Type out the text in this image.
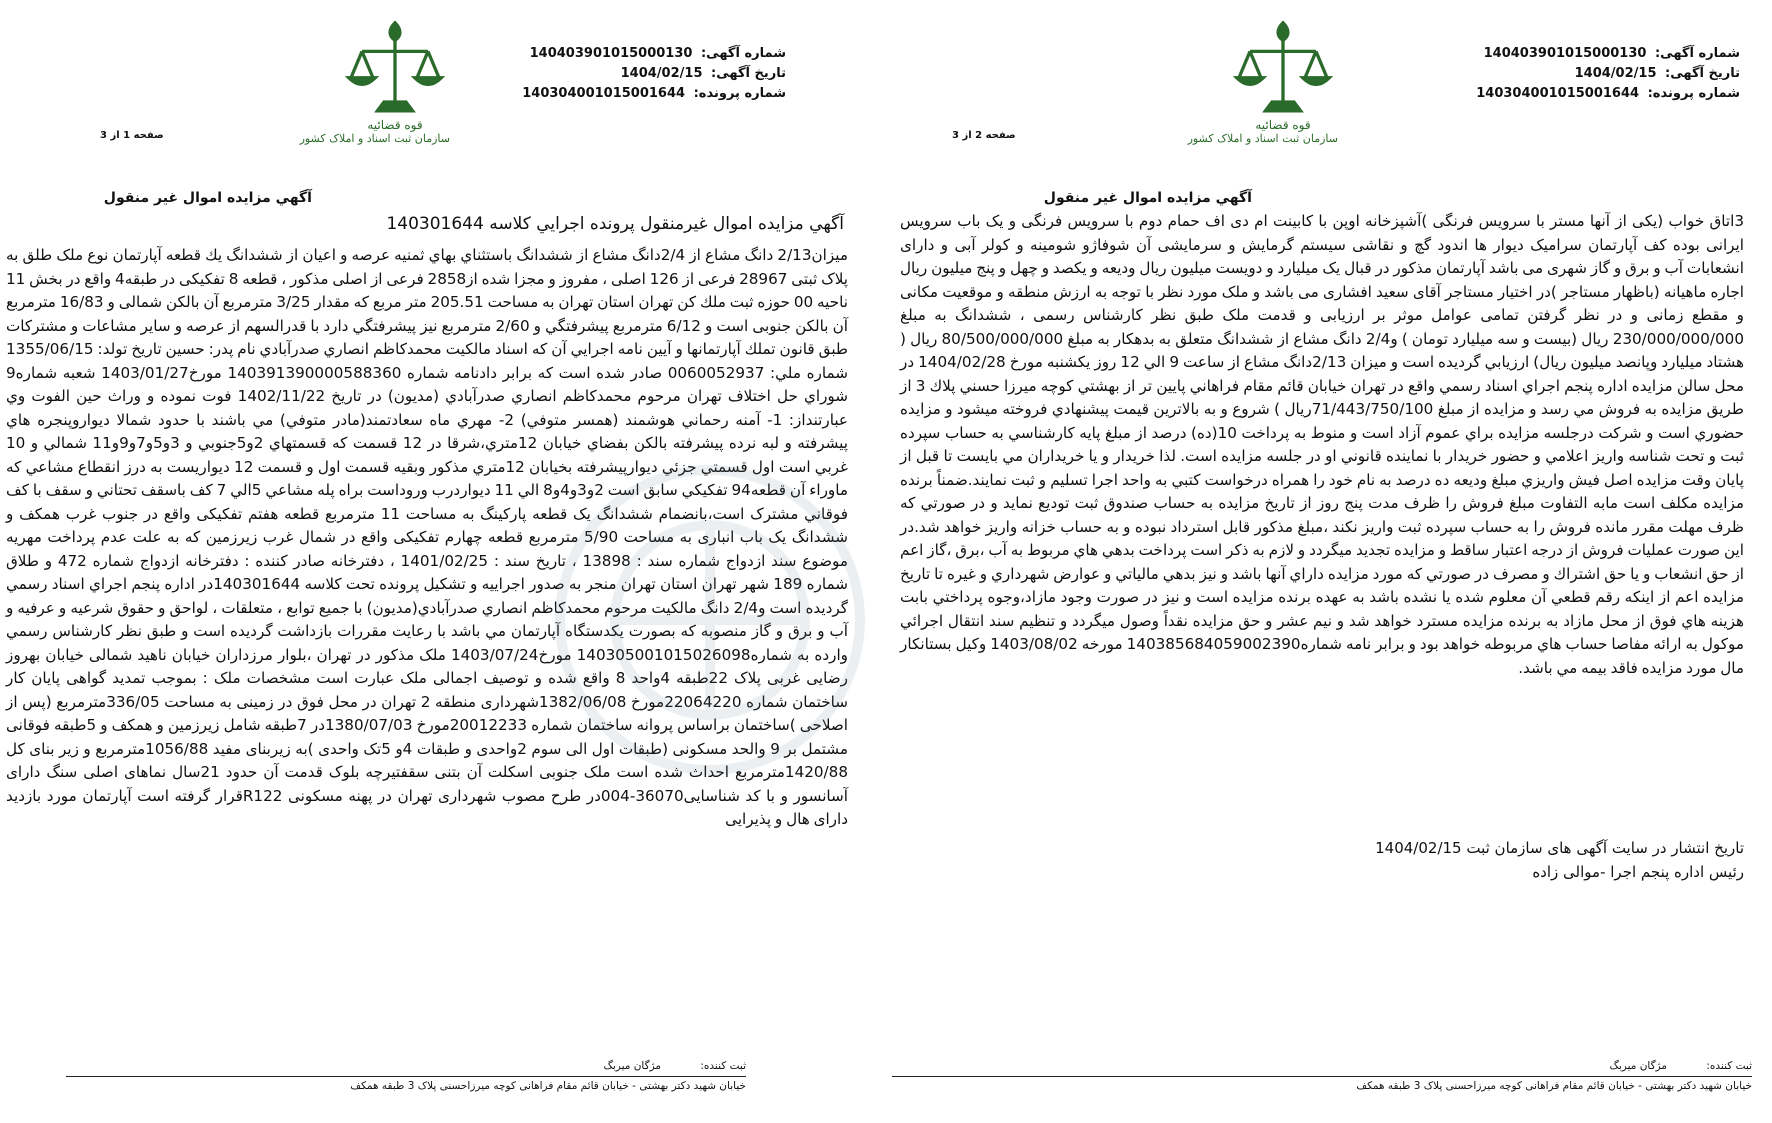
شماره آگهی: 140403901015000130
تاریخ آگهی: 1404/02/15
شماره پرونده: 140304001015001644
قوه قضائیه
سازمان ثبت اسناد و املاک کشور
صفحه 1 از 3
آگهي مزايده اموال غير منقول
آگهي مزايده اموال غيرمنقول پرونده اجرايي كلاسه 140301644
ميزان2/13 دانگ مشاع از 2/4دانگ مشاع از ششدانگ باستثناي بهاي ثمنيه عرصه و اعيان از ششدانگ يك قطعه آپارتمان نوع ملک طلق به پلاک ثبتی 28967 فرعی از 126 اصلی ، مفروز و مجزا شده از2858 فرعی از اصلی مذکور ، قطعه 8 تفکیکی در طبقه4 واقع در بخش 11 ناحیه 00 حوزه ثبت ملك كن تهران استان تهران به مساحت 205.51 متر مربع كه مقدار 3/25 مترمربع آن بالکن شمالی و 16/83 مترمربع آن بالکن جنوبی است و 6/12 مترمربع پيشرفتگي و 2/60 مترمربع نيز پيشرفتگي دارد با قدرالسهم از عرصه و ساير مشاعات و مشتركات طبق قانون تملك آپارتمانها و آيين نامه اجرايي آن كه اسناد مالكيت محمدكاظم انصاري صدرآبادي نام پدر: حسين تاريخ تولد: 1355/06/15 شماره ملي: 0060052937 صادر شده است كه برابر دادنامه شماره 140391390000588360 مورخ1403/01/27 شعبه شماره9 شوراي حل اختلاف تهران مرحوم محمدكاظم انصاري صدرآبادي (مديون) در تاريخ 1402/11/22 فوت نموده و وراث حين الفوت وي عبارتنداز: 1- آمنه رحماني هوشمند (همسر متوفي) 2- مهري ماه سعادتمند(مادر متوفي) مي باشند با حدود شمالا ديواروپنجره هاي پيشرفته و لبه نرده پيشرفته بالكن بفضاي خيابان 12متري،شرقا در 12 قسمت كه قسمتهاي 2و5جنوبي و 3و5و7و9و11 شمالي و 10 غربي است اول قسمتي جزئي ديوارپيشرفته بخيابان 12متري مذكور وبقيه قسمت اول و قسمت 12 ديواريست به درز انقطاع مشاعي كه ماوراء آن قطعه94 تفكيكي سابق است 2و3و4و8 الي 11 ديواردرب وروداست براه پله مشاعي 5الي 7 كف باسقف تحتاني و سقف با كف فوقاني مشترک است،بانضمام ششدانگ یک قطعه پارکینگ به مساحت 11 مترمربع قطعه هفتم تفکیکی واقع در جنوب غرب همکف و ششدانگ یک باب انباری به مساحت 5/90 مترمربع قطعه چهارم تفکیکی واقع در شمال غرب زیرزمین که به علت عدم پرداخت مهريه موضوع سند ازدواج شماره سند : 13898 ، تاريخ سند : 1401/02/25 ، دفترخانه صادر كننده : دفترخانه ازدواج شماره 472 و طلاق شماره 189 شهر تهران استان تهران منجر به صدور اجراييه و تشكيل پرونده تحت كلاسه 140301644در اداره پنجم اجراي اسناد رسمي گرديده است و2/4 دانگ مالكيت مرحوم محمدكاظم انصاري صدرآبادي(مديون) با جميع توابع ، متعلقات ، لواحق و حقوق شرعيه و عرفيه و آب و برق و گاز منصوبه كه بصورت يكدستگاه آپارتمان مي باشد با رعايت مقررات بازداشت گرديده است و طبق نظر كارشناس رسمي وارده به شماره140305001015026098 مورخ1403/07/24 ملک مذکور در تهران ،بلوار مرزداران خیابان ناهید شمالی خیابان بهروز رضایی غربی پلاک 22طبقه 4واحد 8 واقع شده و توصیف اجمالی ملک عبارت است مشخصات ملک : بموجب تمدید گواهی پایان کار ساختمان شماره 22064220مورخ 1382/06/08شهرداری منطقه 2 تهران در محل فوق در زمینی به مساحت 336/05مترمربع (پس از اصلاحی )ساختمان براساس پروانه ساختمان شماره 20012233مورخ 1380/07/03در 7طبقه شامل زیرزمین و همکف و 5طبقه فوقانی مشتمل بر 9 والحد مسکونی (طبقات اول الی سوم 2واحدی و طبقات 4و 5تک واحدی )به زیربنای مفید 1056/88مترمربع و زیر بنای کل 1420/88مترمربع احداث شده است ملک جنوبی اسکلت آن بتنی سقفتیرچه بلوک قدمت آن حدود 21سال نماهای اصلی سنگ دارای آسانسور و با کد شناسایی36070-004در طرح مصوب شهرداری تهران در پهنه مسکونی R122قرار گرفته است آپارتمان مورد بازدید دارای هال و پذیرایی
ثبت كننده: مژگان میربگ
خیابان شهید دکتر بهشتی - خیابان قائم مقام فراهانی کوچه میرزاحسنی پلاک 3 طبقه همکف
شماره آگهی: 140403901015000130
تاریخ آگهی: 1404/02/15
شماره پرونده: 140304001015001644
قوه قضائیه
سازمان ثبت اسناد و املاک کشور
صفحه 2 از 3
آگهي مزايده اموال غير منقول
3اتاق خواب (یکی از آنها مستر با سرویس فرنگی )آشپزخانه اوپن با کابینت ام دی اف حمام دوم با سرویس فرنگی و یک باب سرویس ایرانی بوده کف آپارتمان سرامیک دیوار ها اندود گچ و نقاشی سیستم گرمایش و سرمایشی آن شوفاژو شومینه و کولر آبی و دارای انشعابات آب و برق و گاز شهری می باشد آپارتمان مذکور در قبال یک میلیارد و دویست میلیون ریال ودیعه و یکصد و چهل و پنج میلیون ریال اجاره ماهیانه (باظهار مستاجر )در اختیار مستاجر آقای سعید افشاری می باشد و ملک مورد نظر با توجه به ارزش منطقه و موقعیت مکانی و مقطع زمانی و در نظر گرفتن تمامی عوامل موثر بر ارزیابی و قدمت ملک طبق نظر کارشناس رسمی ، ششدانگ به مبلغ 230/000/000/000 ریال (بیست و سه میلیارد تومان ) و2/4 دانگ مشاع از ششدانگ متعلق به بدهکار به مبلغ 80/500/000/000 ریال ( هشتاد میلیارد وپانصد میلیون ريال) ارزيابي گرديده است و ميزان 2/13دانگ مشاع از ساعت 9 الي 12 روز يكشنبه مورخ 1404/02/28 در محل سالن مزايده اداره پنجم اجراي اسناد رسمي واقع در تهران خيابان قائم مقام فراهاني پايين تر از بهشتي كوچه ميرزا حسني پلاك 3 از طريق مزايده به فروش مي رسد و مزايده از مبلغ 71/443/750/100ريال ) شروع و به بالاترين قيمت پيشنهادي فروخته ميشود و مزايده حضوري است و شركت درجلسه مزايده براي عموم آزاد است و منوط به پرداخت 10(ده) درصد از مبلغ پايه كارشناسي به حساب سپرده ثبت و تحت شناسه واريز اعلامي و حضور خريدار با نماينده قانوني او در جلسه مزايده است. لذا خريدار و يا خريداران مي بايست تا قبل از پايان وقت مزايده اصل فيش واريزي مبلغ وديعه ده درصد به نام خود را همراه درخواست كتبي به واحد اجرا تسليم و ثبت نمايند.ضمناً برنده مزايده مكلف است مابه التفاوت مبلغ فروش را ظرف مدت پنج روز از تاريخ مزايده به حساب صندوق ثبت توديع نمايد و در صورتي كه ظرف مهلت مقرر مانده فروش را به حساب سپرده ثبت واريز نكند ،مبلغ مذكور قابل استرداد نبوده و به حساب خزانه واريز خواهد شد.در اين صورت عمليات فروش از درجه اعتبار ساقط و مزايده تجديد ميگردد و لازم به ذكر است پرداخت بدهي هاي مربوط به آب ،برق ،گاز اعم از حق انشعاب و يا حق اشتراك و مصرف در صورتي كه مورد مزايده داراي آنها باشد و نيز بدهي مالياتي و عوارض شهرداري و غيره تا تاريخ مزايده اعم از اينكه رقم قطعي آن معلوم شده يا نشده باشد به عهده برنده مزايده است و نيز در صورت وجود مازاد،وجوه پرداختي بابت هزينه هاي فوق از محل مازاد به برنده مزايده مسترد خواهد شد و نيم عشر و حق مزايده نقداً وصول ميگردد و تنظيم سند انتقال اجرائي موكول به ارائه مفاصا حساب هاي مربوطه خواهد بود و برابر نامه شماره140385684059002390 مورخه 1403/08/02 وكيل بستانكار مال مورد مزايده فاقد بيمه مي باشد.
تاريخ انتشار در سايت آگهی های سازمان ثبت 1404/02/15
رئيس اداره پنجم اجرا -موالی زاده
ثبت كننده: مژگان میربگ
خیابان شهید دکتر بهشتی - خیابان قائم مقام فراهانی کوچه میرزاحسنی پلاک 3 طبقه همکف
